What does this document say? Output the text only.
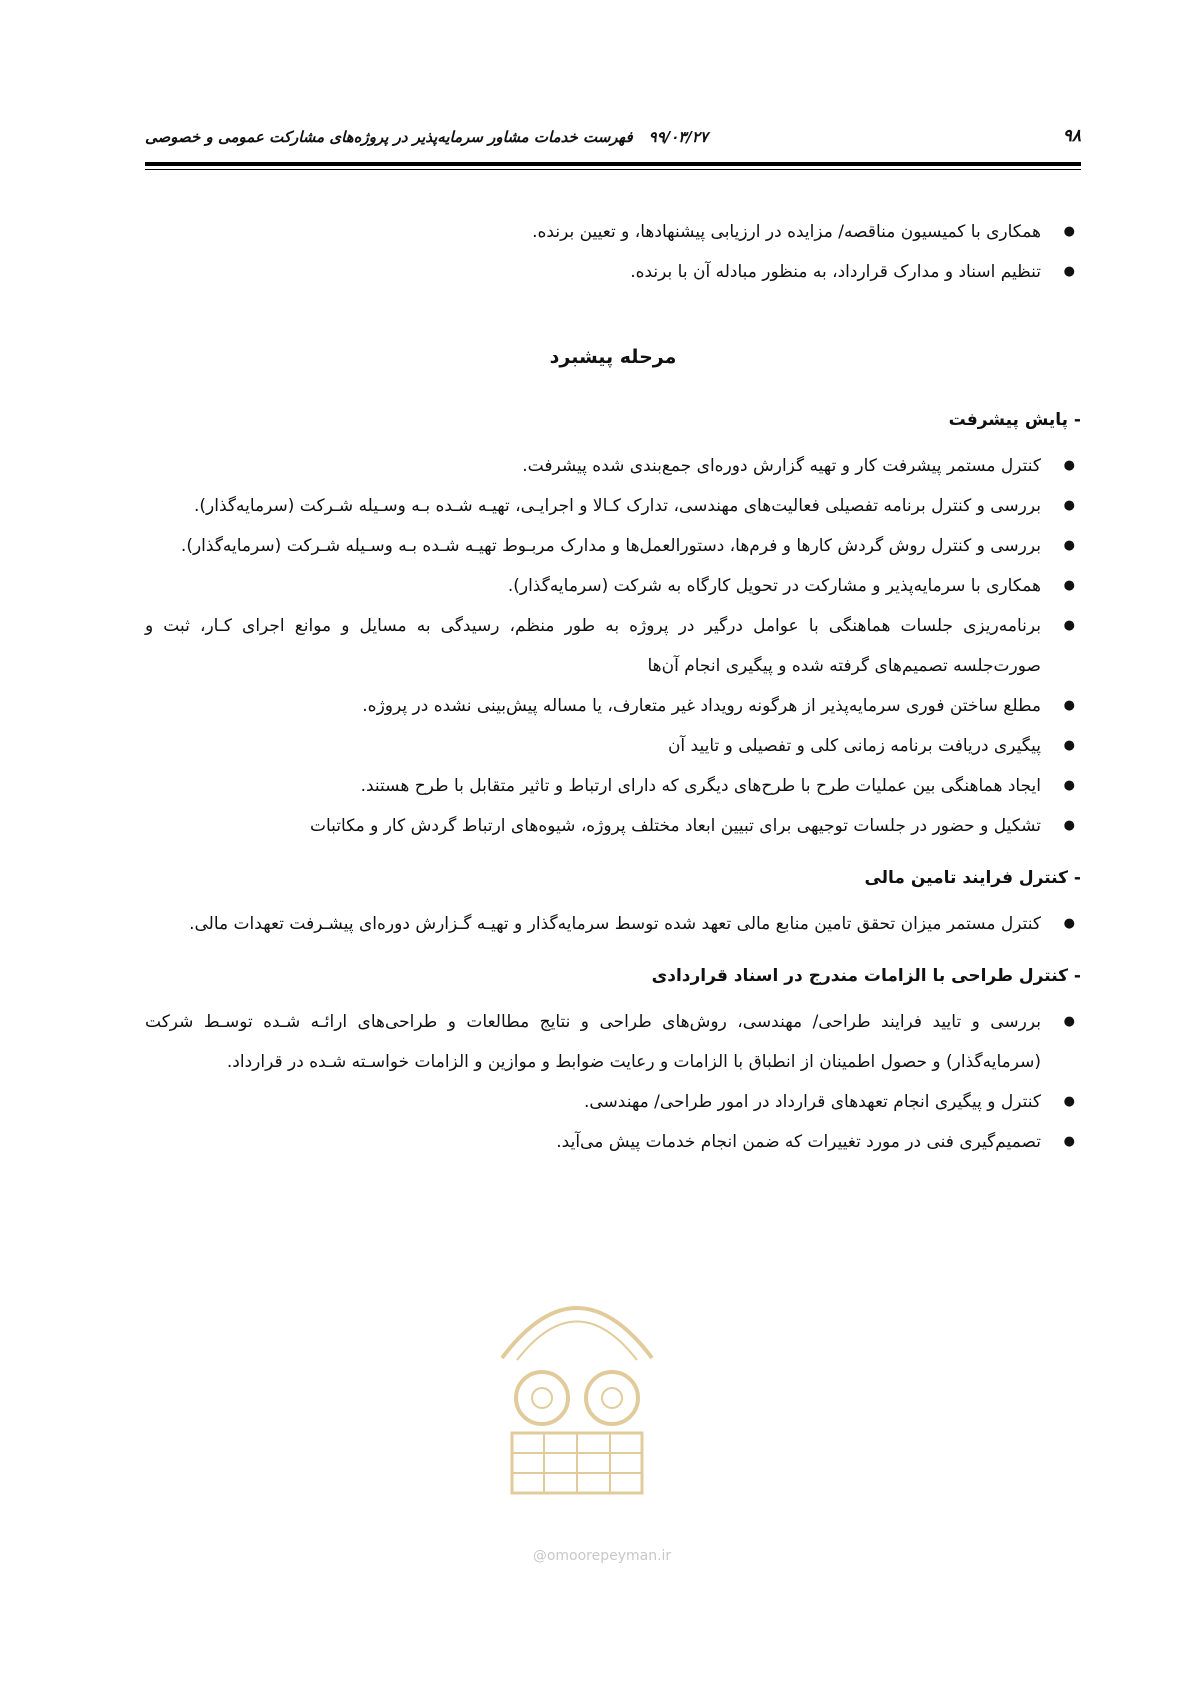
۹۸
۹۹/۰۳/۲۷فهرست خدمات مشاور سرمایه‌پذیر در پروژه‌های مشارکت عمومی و خصوصی
●
همکاری با کمیسیون مناقصه/ مزایده در ارزیابی پیشنهادها، و تعیین برنده.
●
تنظیم اسناد و مدارک قرارداد، به منظور مبادله آن با برنده.
مرحله پیشبرد
- پایش پیشرفت
●
کنترل مستمر پیشرفت کار و تهیه گزارش دوره‌ای جمع‌بندی شده پیشرفت.
●
بررسی و کنترل برنامه تفصیلی فعالیت‌های مهندسی، تدارک کـالا و اجرایـی، تهیـه شـده بـه وسـیله شـرکت (سرمایه‌گذار).
●
بررسی و کنترل روش گردش کارها و فرم‌ها، دستورالعمل‌ها و مدارک مربـوط تهیـه شـده بـه وسـیله شـرکت (سرمایه‌گذار).
●
همکاری با سرمایه‌پذیر و مشارکت در تحویل کارگاه به شرکت (سرمایه‌گذار).
●
برنامه‌ریزی جلسات هماهنگی با عوامل درگیر در پروژه به طور منظم، رسیدگی به مسایل و موانع اجرای کـار، ثبت و صورت‌جلسه تصمیم‌های گرفته شده و پیگیری انجام آن‌ها
●
مطلع ساختن فوری سرمایه‌پذیر از هرگونه رویداد غیر متعارف، یا مساله پیش‌بینی نشده در پروژه.
●
پیگیری دریافت برنامه زمانی کلی و تفصیلی و تایید آن
●
ایجاد هماهنگی بین عملیات طرح با طرح‌های دیگری که دارای ارتباط و تاثیر متقابل با طرح هستند.
●
تشکیل و حضور در جلسات توجیهی برای تبیین ابعاد مختلف پروژه، شیوه‌های ارتباط گردش کار و مکاتبات
- کنترل فرایند تامین مالی
●
کنترل مستمر میزان تحقق تامین منابع مالی تعهد شده توسط سرمایه‌گذار و تهیـه گـزارش دوره‌ای پیشـرفت تعهدات مالی.
- کنترل طراحی با الزامات مندرج در اسناد قراردادی
●
بررسی و تایید فرایند طراحی/ مهندسی، روش‌های طراحی و نتایج مطالعات و طراحی‌های ارائـه شـده توسـط شرکت (سرمایه‌گذار) و حصول اطمینان از انطباق با الزامات و رعایت ضوابط و موازین و الزامات خواسـته شـده در قرارداد.
●
کنترل و پیگیری انجام تعهدهای قرارداد در امور طراحی/ مهندسی.
●
تصمیم‌گیری فنی در مورد تغییرات که ضمن انجام خدمات پیش می‌آید.
@omoorepeyman.ir
